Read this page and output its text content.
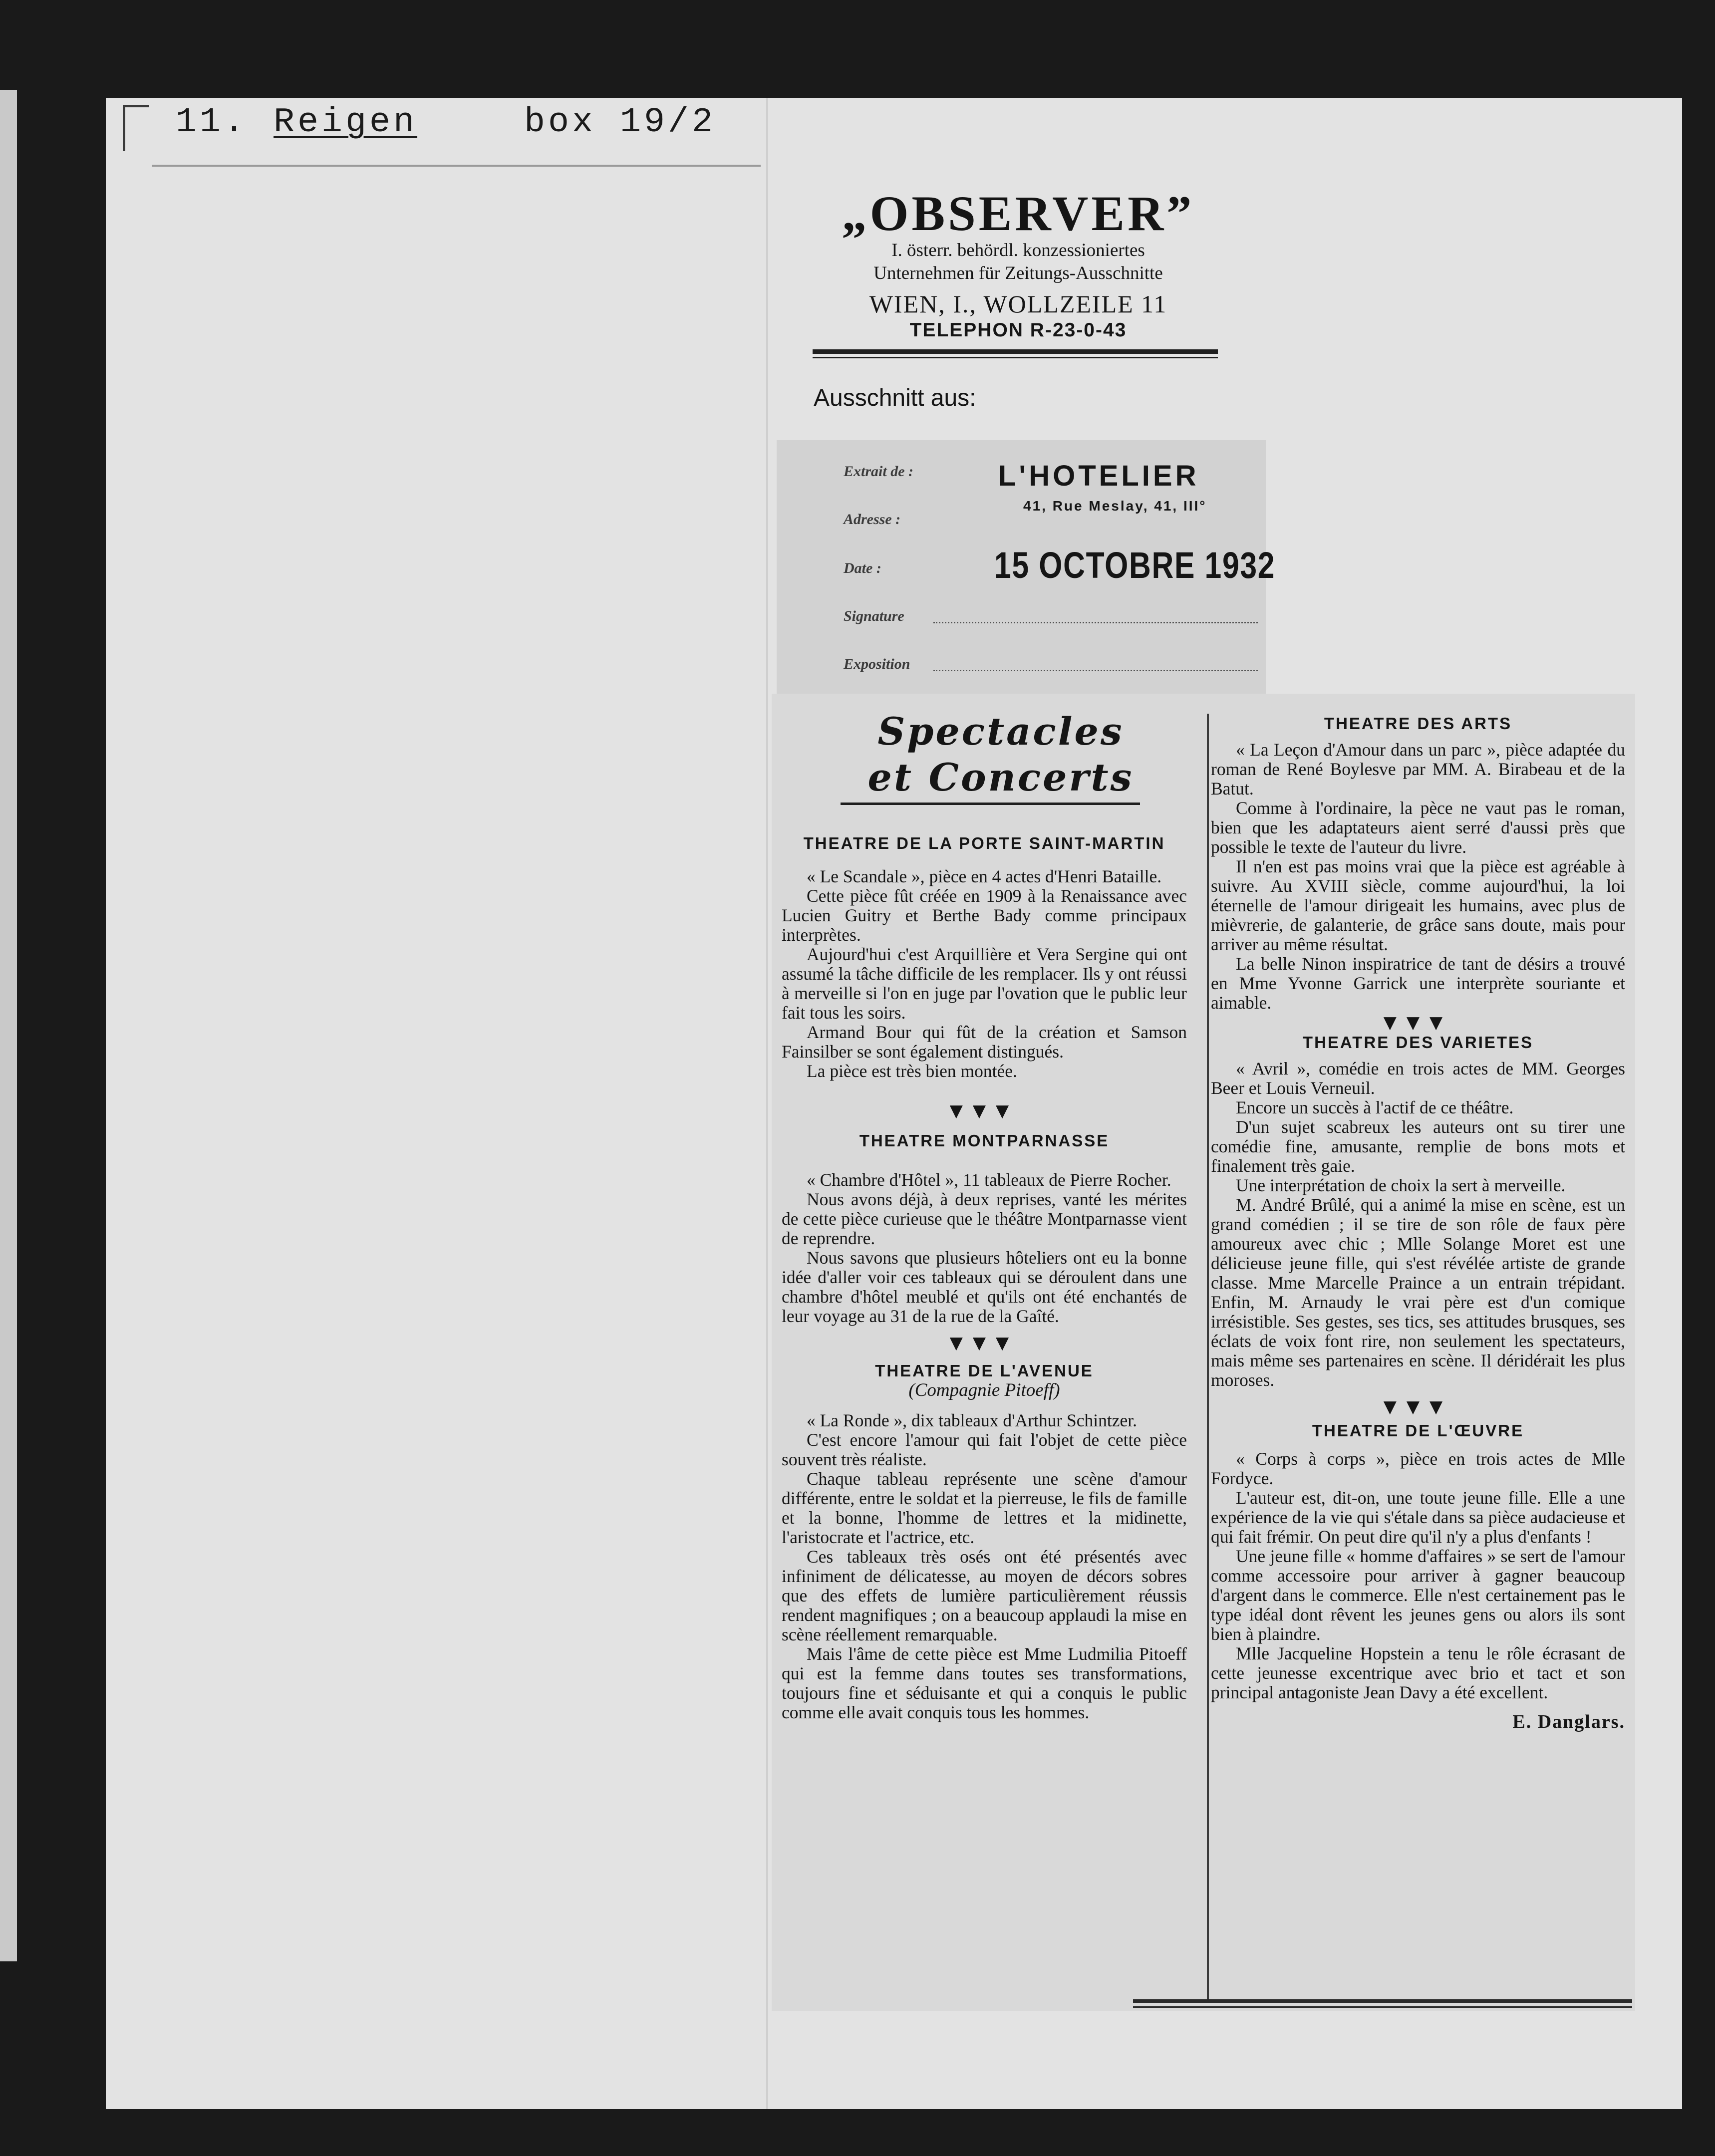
11. Reigen	box 19/2
„OBSERVER”
I. österr. behördl. konzessioniertes
Unternehmen für Zeitungs-Ausschnitte
WIEN, I., WOLLZEILE 11
TELEPHON R-23-0-43
Ausschnitt aus:
Extrait de :
Adresse :
Date :
Signature
Exposition
L'HOTELIER
41, Rue Meslay, 41, III°
15 OCTOBRE 1932
Spectacles
et Concerts
THEATRE DE LA PORTE SAINT-MARTIN
« Le Scandale », pièce en 4 actes d'Henri Bataille.
Cette pièce fût créée en 1909 à la Renaissance avec Lucien Guitry et Berthe Bady comme principaux interprètes.
Aujourd'hui c'est Arquillière et Vera Sergine qui ont assumé la tâche difficile de les remplacer. Ils y ont réussi à merveille si l'on en juge par l'ovation que le public leur fait tous les soirs.
Armand Bour qui fût de la création et Samson Fainsilber se sont également distingués.
La pièce est très bien montée.
▼▼▼
THEATRE MONTPARNASSE
« Chambre d'Hôtel », 11 tableaux de Pierre Rocher.
Nous avons déjà, à deux reprises, vanté les mérites de cette pièce curieuse que le théâtre Montparnasse vient de reprendre.
Nous savons que plusieurs hôteliers ont eu la bonne idée d'aller voir ces tableaux qui se déroulent dans une chambre d'hôtel meublé et qu'ils ont été enchantés de leur voyage au 31 de la rue de la Gaîté.
▼▼▼
THEATRE DE L'AVENUE
(Compagnie Pitoeff)
« La Ronde », dix tableaux d'Arthur Schintzer.
C'est encore l'amour qui fait l'objet de cette pièce souvent très réaliste.
Chaque tableau représente une scène d'amour différente, entre le soldat et la pierreuse, le fils de famille et la bonne, l'homme de lettres et la midinette, l'aristocrate et l'actrice, etc.
Ces tableaux très osés ont été présentés avec infiniment de délicatesse, au moyen de décors sobres que des effets de lumière particulièrement réussis rendent magnifiques ; on a beaucoup applaudi la mise en scène réellement remarquable.
Mais l'âme de cette pièce est Mme Ludmilia Pitoeff qui est la femme dans toutes ses transformations, toujours fine et séduisante et qui a conquis le public comme elle avait conquis tous les hommes.
THEATRE DES ARTS
« La Leçon d'Amour dans un parc », pièce adaptée du roman de René Boylesve par MM. A. Birabeau et de la Batut.
Comme à l'ordinaire, la pèce ne vaut pas le roman, bien que les adaptateurs aient serré d'aussi près que possible le texte de l'auteur du livre.
Il n'en est pas moins vrai que la pièce est agréable à suivre. Au XVIII siècle, comme aujourd'hui, la loi éternelle de l'amour dirigeait les humains, avec plus de mièvrerie, de galanterie, de grâce sans doute, mais pour arriver au même résultat.
La belle Ninon inspiratrice de tant de désirs a trouvé en Mme Yvonne Garrick une interprète souriante et aimable.
▼▼▼
THEATRE DES VARIETES
« Avril », comédie en trois actes de MM. Georges Beer et Louis Verneuil.
Encore un succès à l'actif de ce théâtre.
D'un sujet scabreux les auteurs ont su tirer une comédie fine, amusante, remplie de bons mots et finalement très gaie.
Une interprétation de choix la sert à merveille.
M. André Brûlé, qui a animé la mise en scène, est un grand comédien ; il se tire de son rôle de faux père amoureux avec chic ; Mlle Solange Moret est une délicieuse jeune fille, qui s'est révélée artiste de grande classe. Mme Marcelle Praince a un entrain trépidant. Enfin, M. Arnaudy le vrai père est d'un comique irrésistible. Ses gestes, ses tics, ses attitudes brusques, ses éclats de voix font rire, non seulement les spectateurs, mais même ses partenaires en scène. Il déridérait les plus moroses.
▼▼▼
THEATRE DE L'ŒUVRE
« Corps à corps », pièce en trois actes de Mlle Fordyce.
L'auteur est, dit-on, une toute jeune fille. Elle a une expérience de la vie qui s'étale dans sa pièce audacieuse et qui fait frémir. On peut dire qu'il n'y a plus d'enfants !
Une jeune fille « homme d'affaires » se sert de l'amour comme accessoire pour arriver à gagner beaucoup d'argent dans le commerce. Elle n'est certainement pas le type idéal dont rêvent les jeunes gens ou alors ils sont bien à plaindre.
Mlle Jacqueline Hopstein a tenu le rôle écrasant de cette jeunesse excentrique avec brio et tact et son principal antagoniste Jean Davy a été excellent.
E. Danglars.
